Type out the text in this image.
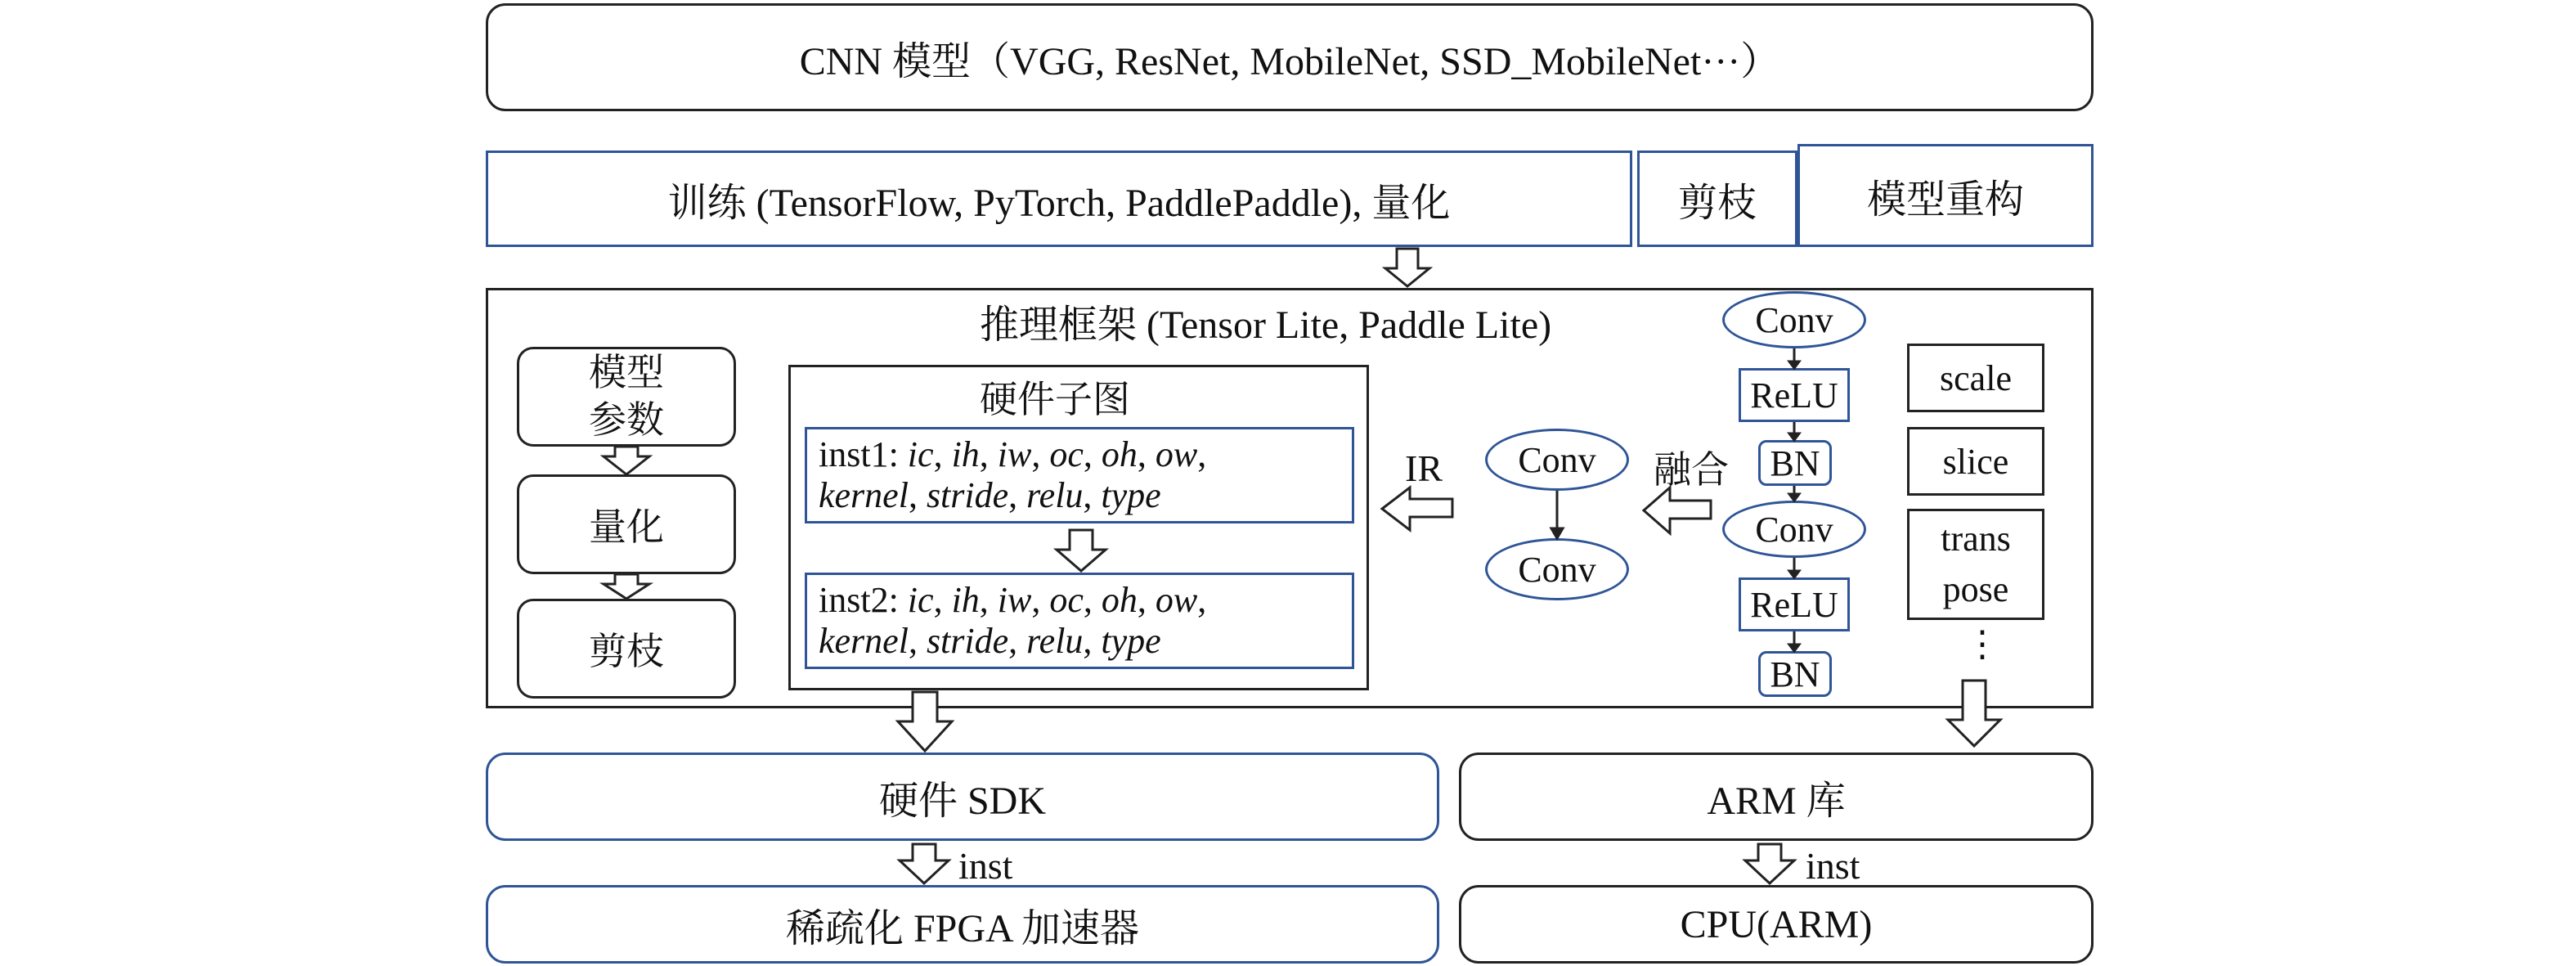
CNN 模型（VGG, ResNet, MobileNet, SSD_MobileNet···）
训练 (TensorFlow, PyTorch, PaddlePaddle), 量化	剪枝	模型重构
推理框架 (Tensor Lite, Paddle Lite)
模型
参数
量化
剪枝
硬件子图
inst1: ic, ih, iw, oc, oh, ow,
kernel, stride, relu, type
inst2: ic, ih, iw, oc, oh, ow,
kernel, stride, relu, type
IR Conv
Conv
融合
Conv
ReLU
BN
Conv
ReLU
BN
scale
slice
trans
pose
⋮
硬件 SDK	ARM 库
inst	inst
稀疏化 FPGA 加速器	CPU(ARM)
